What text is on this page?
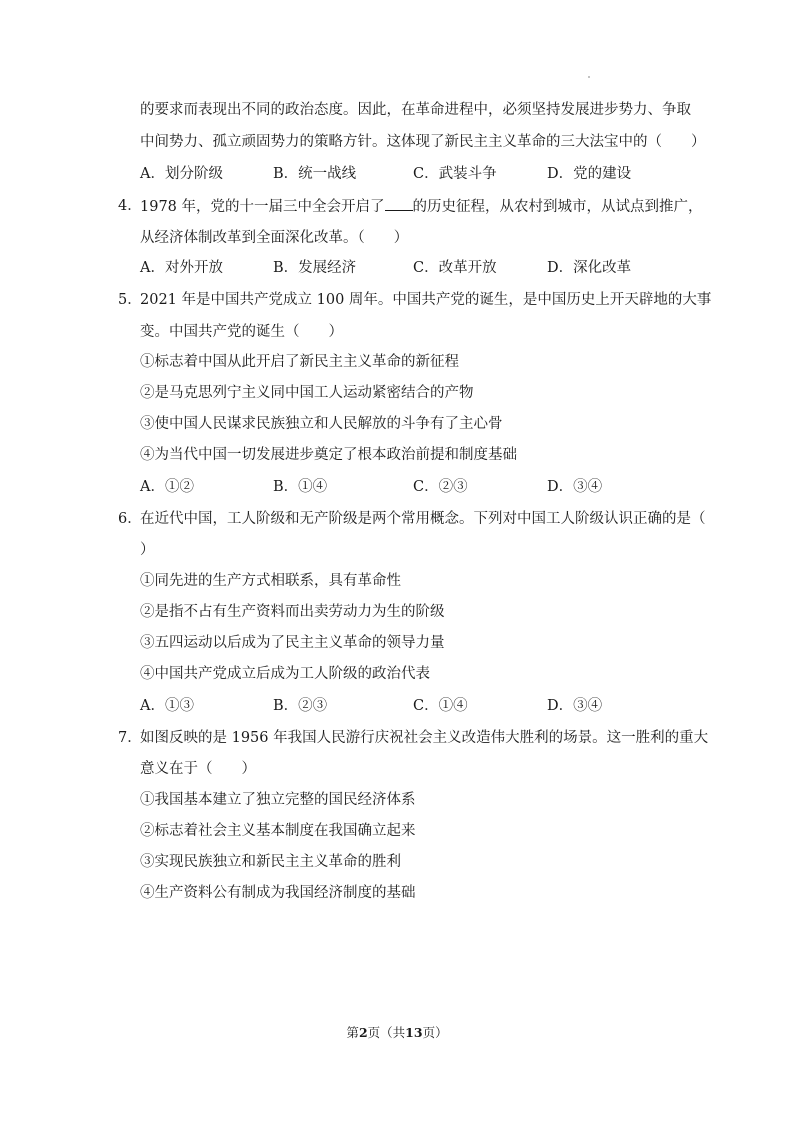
的要求而表现出不同的政治态度。因此，在革命进程中，必须坚持发展进步势力、争取
中间势力、孤立顽固势力的策略方针。这体现了新民主主义革命的三大法宝中的（　　）
A．划分阶级	B．统一战线	C．武装斗争	D．党的建设
4．
1978 年，党的十一届三中全会开启了 的历史征程，从农村到城市，从试点到推广，
从经济体制改革到全面深化改革。（　　）
A．对外开放	B．发展经济	C．改革开放	D．深化改革
5．
2021 年是中国共产党成立 100 周年。中国共产党的诞生，是中国历史上开天辟地的大事
变。中国共产党的诞生（　　）
①标志着中国从此开启了新民主主义革命的新征程
②是马克思列宁主义同中国工人运动紧密结合的产物
③使中国人民谋求民族独立和人民解放的斗争有了主心骨
④为当代中国一切发展进步奠定了根本政治前提和制度基础
A．①②	B．①④	C．②③	D．③④
6．
在近代中国，工人阶级和无产阶级是两个常用概念。下列对中国工人阶级认识正确的是（
）
①同先进的生产方式相联系，具有革命性
②是指不占有生产资料而出卖劳动力为生的阶级
③五四运动以后成为了民主主义革命的领导力量
④中国共产党成立后成为工人阶级的政治代表
A．①③	B．②③	C．①④	D．③④
7．
如图反映的是 1956 年我国人民游行庆祝社会主义改造伟大胜利的场景。这一胜利的重大
意义在于（　　）
①我国基本建立了独立完整的国民经济体系
②标志着社会主义基本制度在我国确立起来
③实现民族独立和新民主主义革命的胜利
④生产资料公有制成为我国经济制度的基础
第2页（共13页）
